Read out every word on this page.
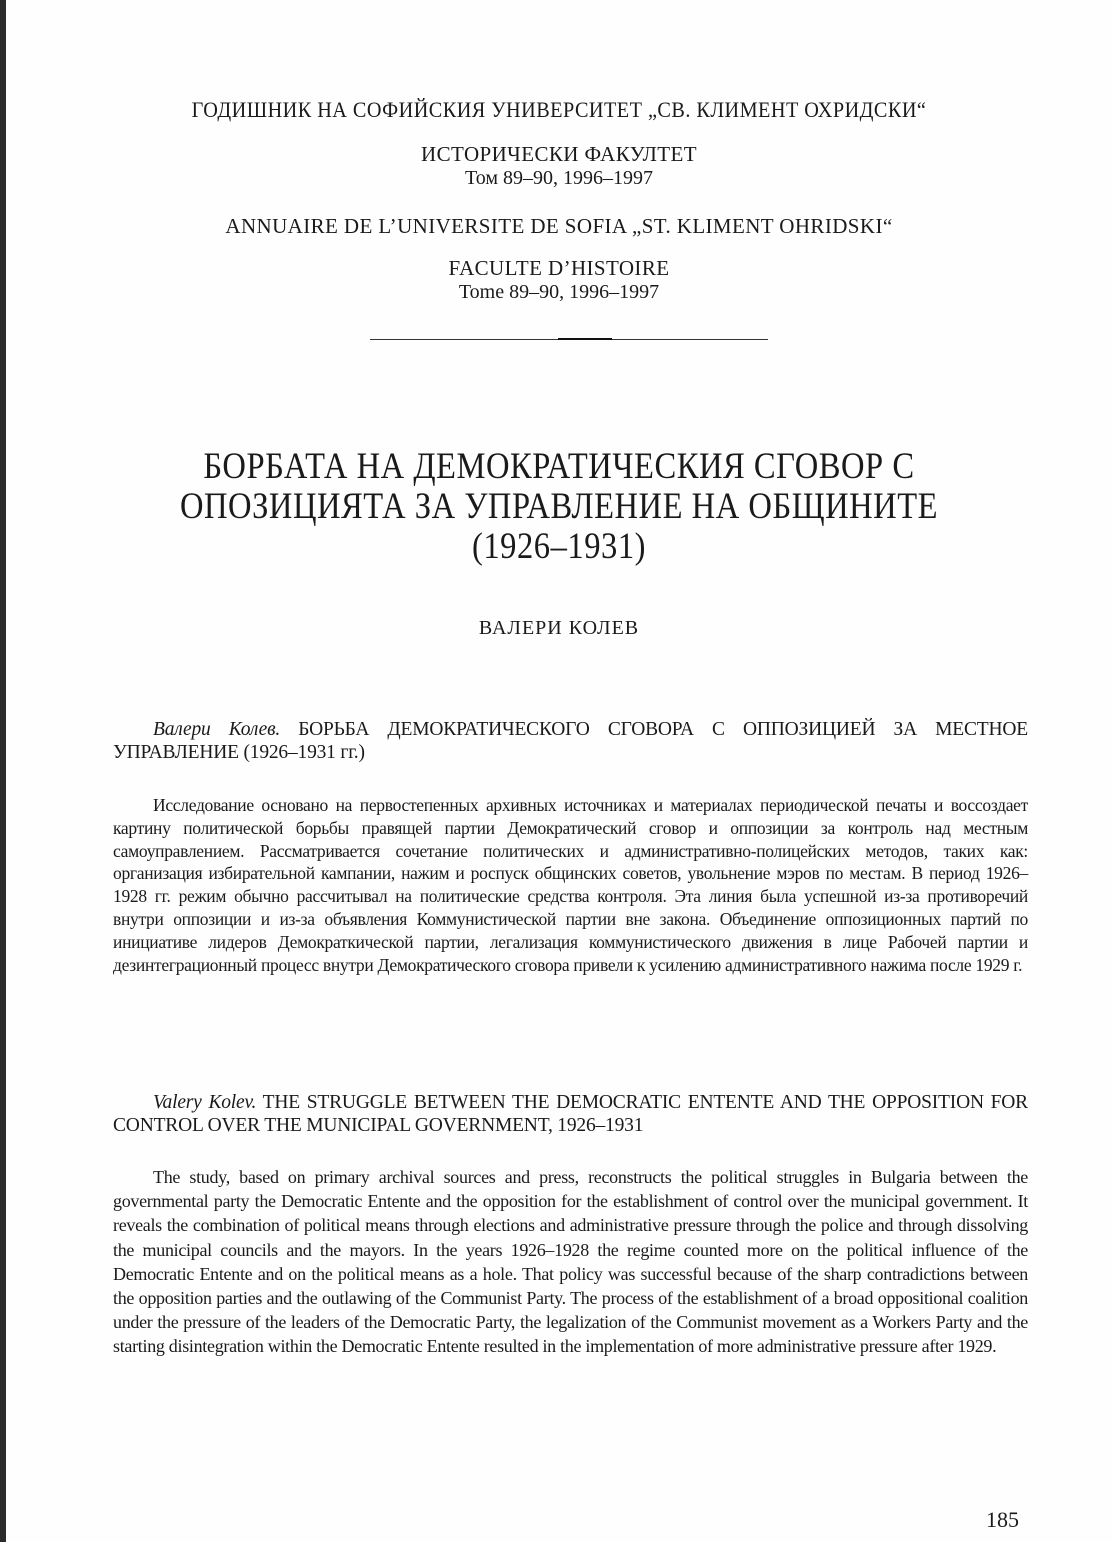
ГОДИШНИК НА СОФИЙСКИЯ УНИВЕРСИТЕТ „СВ. КЛИМЕНТ ОХРИДСКИ“
ИСТОРИЧЕСКИ ФАКУЛТЕТ
Том 89–90, 1996–1997
ANNUAIRE DE L’UNIVERSITE DE SOFIA „ST. KLIMENT OHRIDSKI“
FACULTE D’HISTOIRE
Tome 89–90, 1996–1997
БОРБАТА НА ДЕМОКРАТИЧЕСКИЯ СГОВОР С
ОПОЗИЦИЯТА ЗА УПРАВЛЕНИЕ НА ОБЩИНИТЕ
(1926–1931)
ВАЛЕРИ КОЛЕВ
Валери Колев. БОРЬБА ДЕМОКРАТИЧЕСКОГО СГОВОРА С ОППОЗИЦИЕЙ ЗА МЕСТНОЕ УПРАВЛЕНИЕ (1926–1931 гг.)
Исследование основано на первостепенных архивных источниках и материалах периодической печаты и воссоздает картину политической борьбы правящей партии Демократический сговор и оппозиции за контроль над местным самоуправлением. Рассматривается сочетание политических и административно-полицейских методов, таких как: организация избирательной кампании, нажим и роспуск общинских советов, увольнение мэров по местам. В период 1926–1928 гг. режим обычно рассчитывал на политические средства контроля. Эта линия была успешной из-за противоречий внутри оппозиции и из-за объявления Коммунистической партии вне закона. Объединение оппозиционных партий по инициативе лидеров Демократкической партии, легализация коммунистического движения в лице Рабочей партии и дезинтеграционный процесс внутри Демократического сговора привели к усилению административного нажима после 1929 г.
Valery Kolev. THE STRUGGLE BETWEEN THE DEMOCRATIC ENTENTE AND THE OPPOSITION FOR CONTROL OVER THE MUNICIPAL GOVERNMENT, 1926–1931
The study, based on primary archival sources and press, reconstructs the political struggles in Bulgaria between the governmental party the Democratic Entente and the opposition for the establishment of control over the municipal government. It reveals the combination of political means through elections and administrative pressure through the police and through dissolving the municipal councils and the mayors. In the years 1926–1928 the regime counted more on the political influence of the Democratic Entente and on the political means as a hole. That policy was successful because of the sharp contradictions between the opposition parties and the outlawing of the Communist Party. The process of the establishment of a broad oppositional coalition under the pressure of the leaders of the Democratic Party, the legalization of the Communist movement as a Workers Party and the starting disintegration within the Democratic Entente resulted in the implementation of more administrative pressure after 1929.
185
